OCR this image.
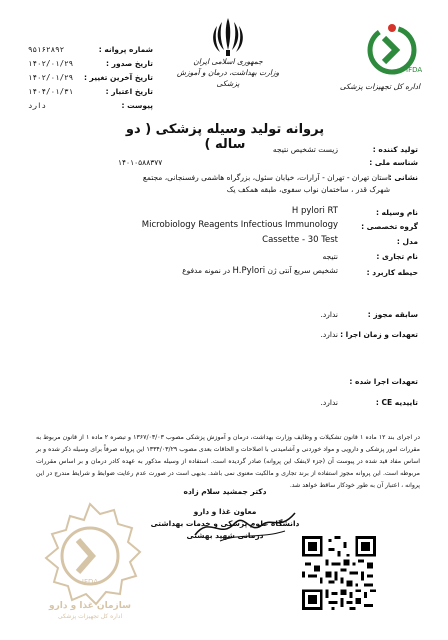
۹۵۱۶۲۸۹۲	شماره پروانه :
۱۴۰۲/۰۱/۲۹	تاریخ صدور :
۱۴۰۲/۰۱/۲۹ تاریخ آخرین تغییر :
۱۴۰۴/۰۱/۳۱	تاریخ اعتبار :
دارد	پیوست :
جمهوری اسلامی ایران
وزارت بهداشت، درمان و آموزش پزشکی
IFDA
اداره کل تجهیزات پزشکی
پروانه تولید وسیله پزشکی ( دو ساله )	تولید کننده :
زیست تشخیص نتیجه
شناسه ملی :
۱۴۰۱۰۵۸۸۳۷۷
نشانی :
استان تهران - تهران - آرارات، خیابان سئول، بزرگراه هاشمی رفسنجانی، مجتمع شهرک قدر ، ساختمان نواب سفوی، طبقه همکف یک
نام وسیله :
H pylori RT
گروه تخصصی :
Microbiology Reagents Infectious Immunology
مدل :
Cassette - 30 Test
نام تجاری :
نتیجه
حیطه کاربرد :
در نمونه مدفوع H.Pylori تشخیص سریع آنتی ژن
سابقه مجوز :
ندارد.
تعهدات و زمان اجرا :
ندارد.
تعهدات اجرا شده :
تاییدیه CE :
ندارد.
در اجرای بند ۱۲ ماده ۱ قانون تشکیلات و وظایف وزارت بهداشت، درمان و آموزش پزشکی مصوب ۱۳۶۷/۰۳/۰۳ و تبصره ۲ ماده ۱ از قانون مربوط به مقررات امور پزشکی و دارویی و مواد خوردنی و آشامیدنی با اصلاحات و الحاقات بعدی مصوب ۱۳۳۴/۰۳/۲۹ این پروانه صرفاً برای وسیله ذکر شده و بر اساس مفاد قید شده در پیوست آن (جزء لاینفک این پروانه) صادر گردیده است. استفاده از وسیله مذکور به عهده کادر درمان و بر اساس مقررات مربوطه است. این پروانه مجوز استفاده از برند تجاری و مالکیت معنوی نمی باشد. بدیهی است در صورت عدم رعایت ضوابط و شرایط مندرج در این پروانه ، اعتبار آن به طور خودکار ساقط خواهد شد.
IFDA
سازمان غذا و دارو
اداره کل تجهیزات پزشکی
دکتر جمشید سلام زاده
معاون غذا و دارو
دانشگاه علوم پزشکی و خدمات بهداشتی درمانی شهید بهشتی
